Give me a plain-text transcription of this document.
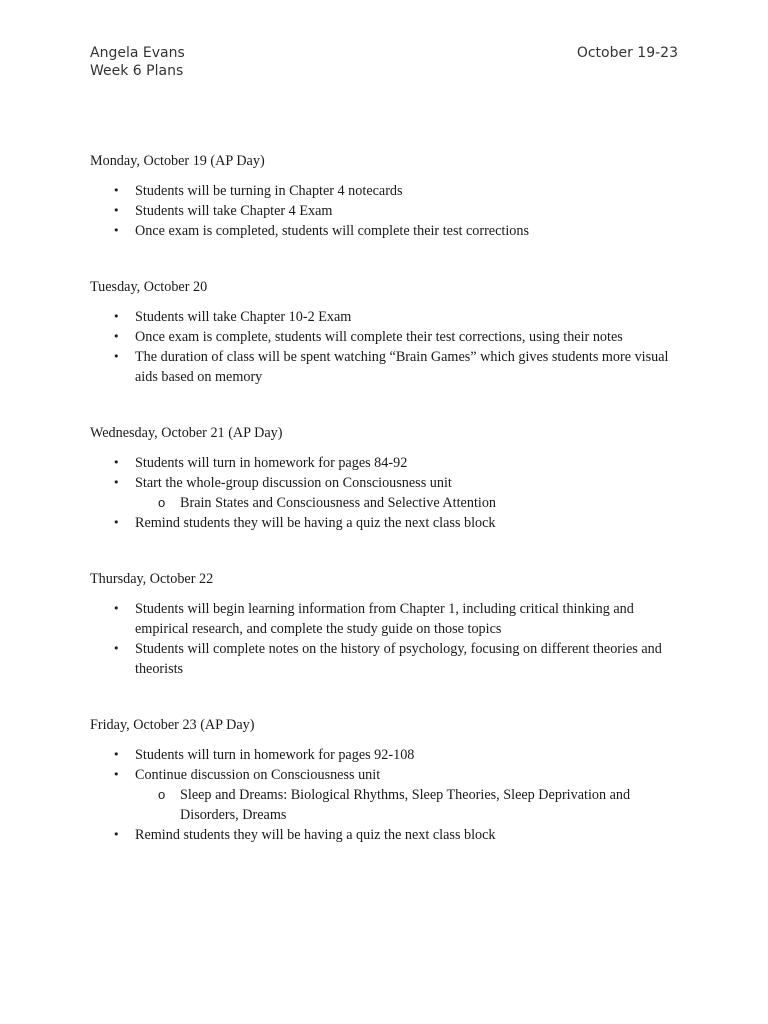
Angela Evans	October 19-23
Week 6 Plans

Monday, October 19 (AP Day)

• Students will be turning in Chapter 4 notecards
• Students will take Chapter 4 Exam
• Once exam is completed, students will complete their test corrections

Tuesday, October 20

• Students will take Chapter 10-2 Exam
• Once exam is complete, students will complete their test corrections, using their notes
• The duration of class will be spent watching “Brain Games” which gives students more visual aids based on memory

Wednesday, October 21 (AP Day)

• Students will turn in homework for pages 84-92
• Start the whole-group discussion on Consciousness unit
o Brain States and Consciousness and Selective Attention
• Remind students they will be having a quiz the next class block

Thursday, October 22

• Students will begin learning information from Chapter 1, including critical thinking and empirical research, and complete the study guide on those topics
• Students will complete notes on the history of psychology, focusing on different theories and theorists

Friday, October 23 (AP Day)

• Students will turn in homework for pages 92-108
• Continue discussion on Consciousness unit
o Sleep and Dreams: Biological Rhythms, Sleep Theories, Sleep Deprivation and Disorders, Dreams
• Remind students they will be having a quiz the next class block
